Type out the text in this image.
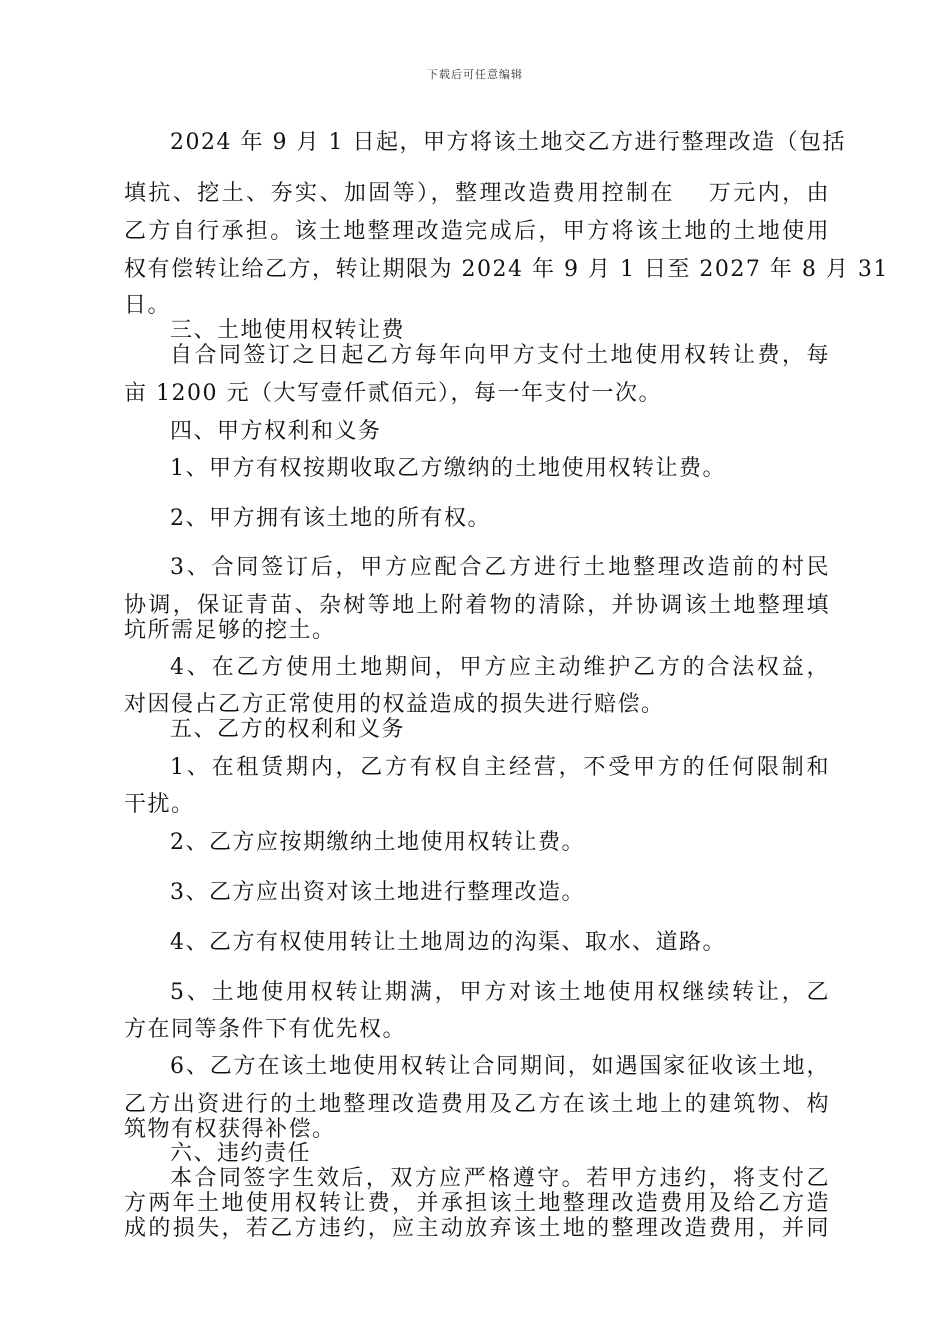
下载后可任意编辑
2024 年 9 月 1 日起，甲方将该土地交乙方进行整理改造（包括
填抗、挖土、夯实、加固等），整理改造费用控制在　 万元内，由
乙方自行承担。该土地整理改造完成后，甲方将该土地的土地使用
权有偿转让给乙方，转让期限为 2024 年 9 月 1 日至 2027 年 8 月 31
日。
三、土地使用权转让费
自合同签订之日起乙方每年向甲方支付土地使用权转让费，每
亩 1200 元（大写壹仟贰佰元），每一年支付一次。
四、甲方权利和义务
1、甲方有权按期收取乙方缴纳的土地使用权转让费。
2、甲方拥有该土地的所有权。
3、合同签订后，甲方应配合乙方进行土地整理改造前的村民
协调，保证青苗、杂树等地上附着物的清除，并协调该土地整理填
坑所需足够的挖土。
4、在乙方使用土地期间，甲方应主动维护乙方的合法权益，
对因侵占乙方正常使用的权益造成的损失进行赔偿。
五、乙方的权利和义务
1、在租赁期内，乙方有权自主经营，不受甲方的任何限制和
干扰。
2、乙方应按期缴纳土地使用权转让费。
3、乙方应出资对该土地进行整理改造。
4、乙方有权使用转让土地周边的沟渠、取水、道路。
5、土地使用权转让期满，甲方对该土地使用权继续转让，乙
方在同等条件下有优先权。
6、乙方在该土地使用权转让合同期间，如遇国家征收该土地，
乙方出资进行的土地整理改造费用及乙方在该土地上的建筑物、构
筑物有权获得补偿。
六、违约责任
本合同签字生效后，双方应严格遵守。若甲方违约，将支付乙
方两年土地使用权转让费，并承担该土地整理改造费用及给乙方造
成的损失，若乙方违约，应主动放弃该土地的整理改造费用，并同
